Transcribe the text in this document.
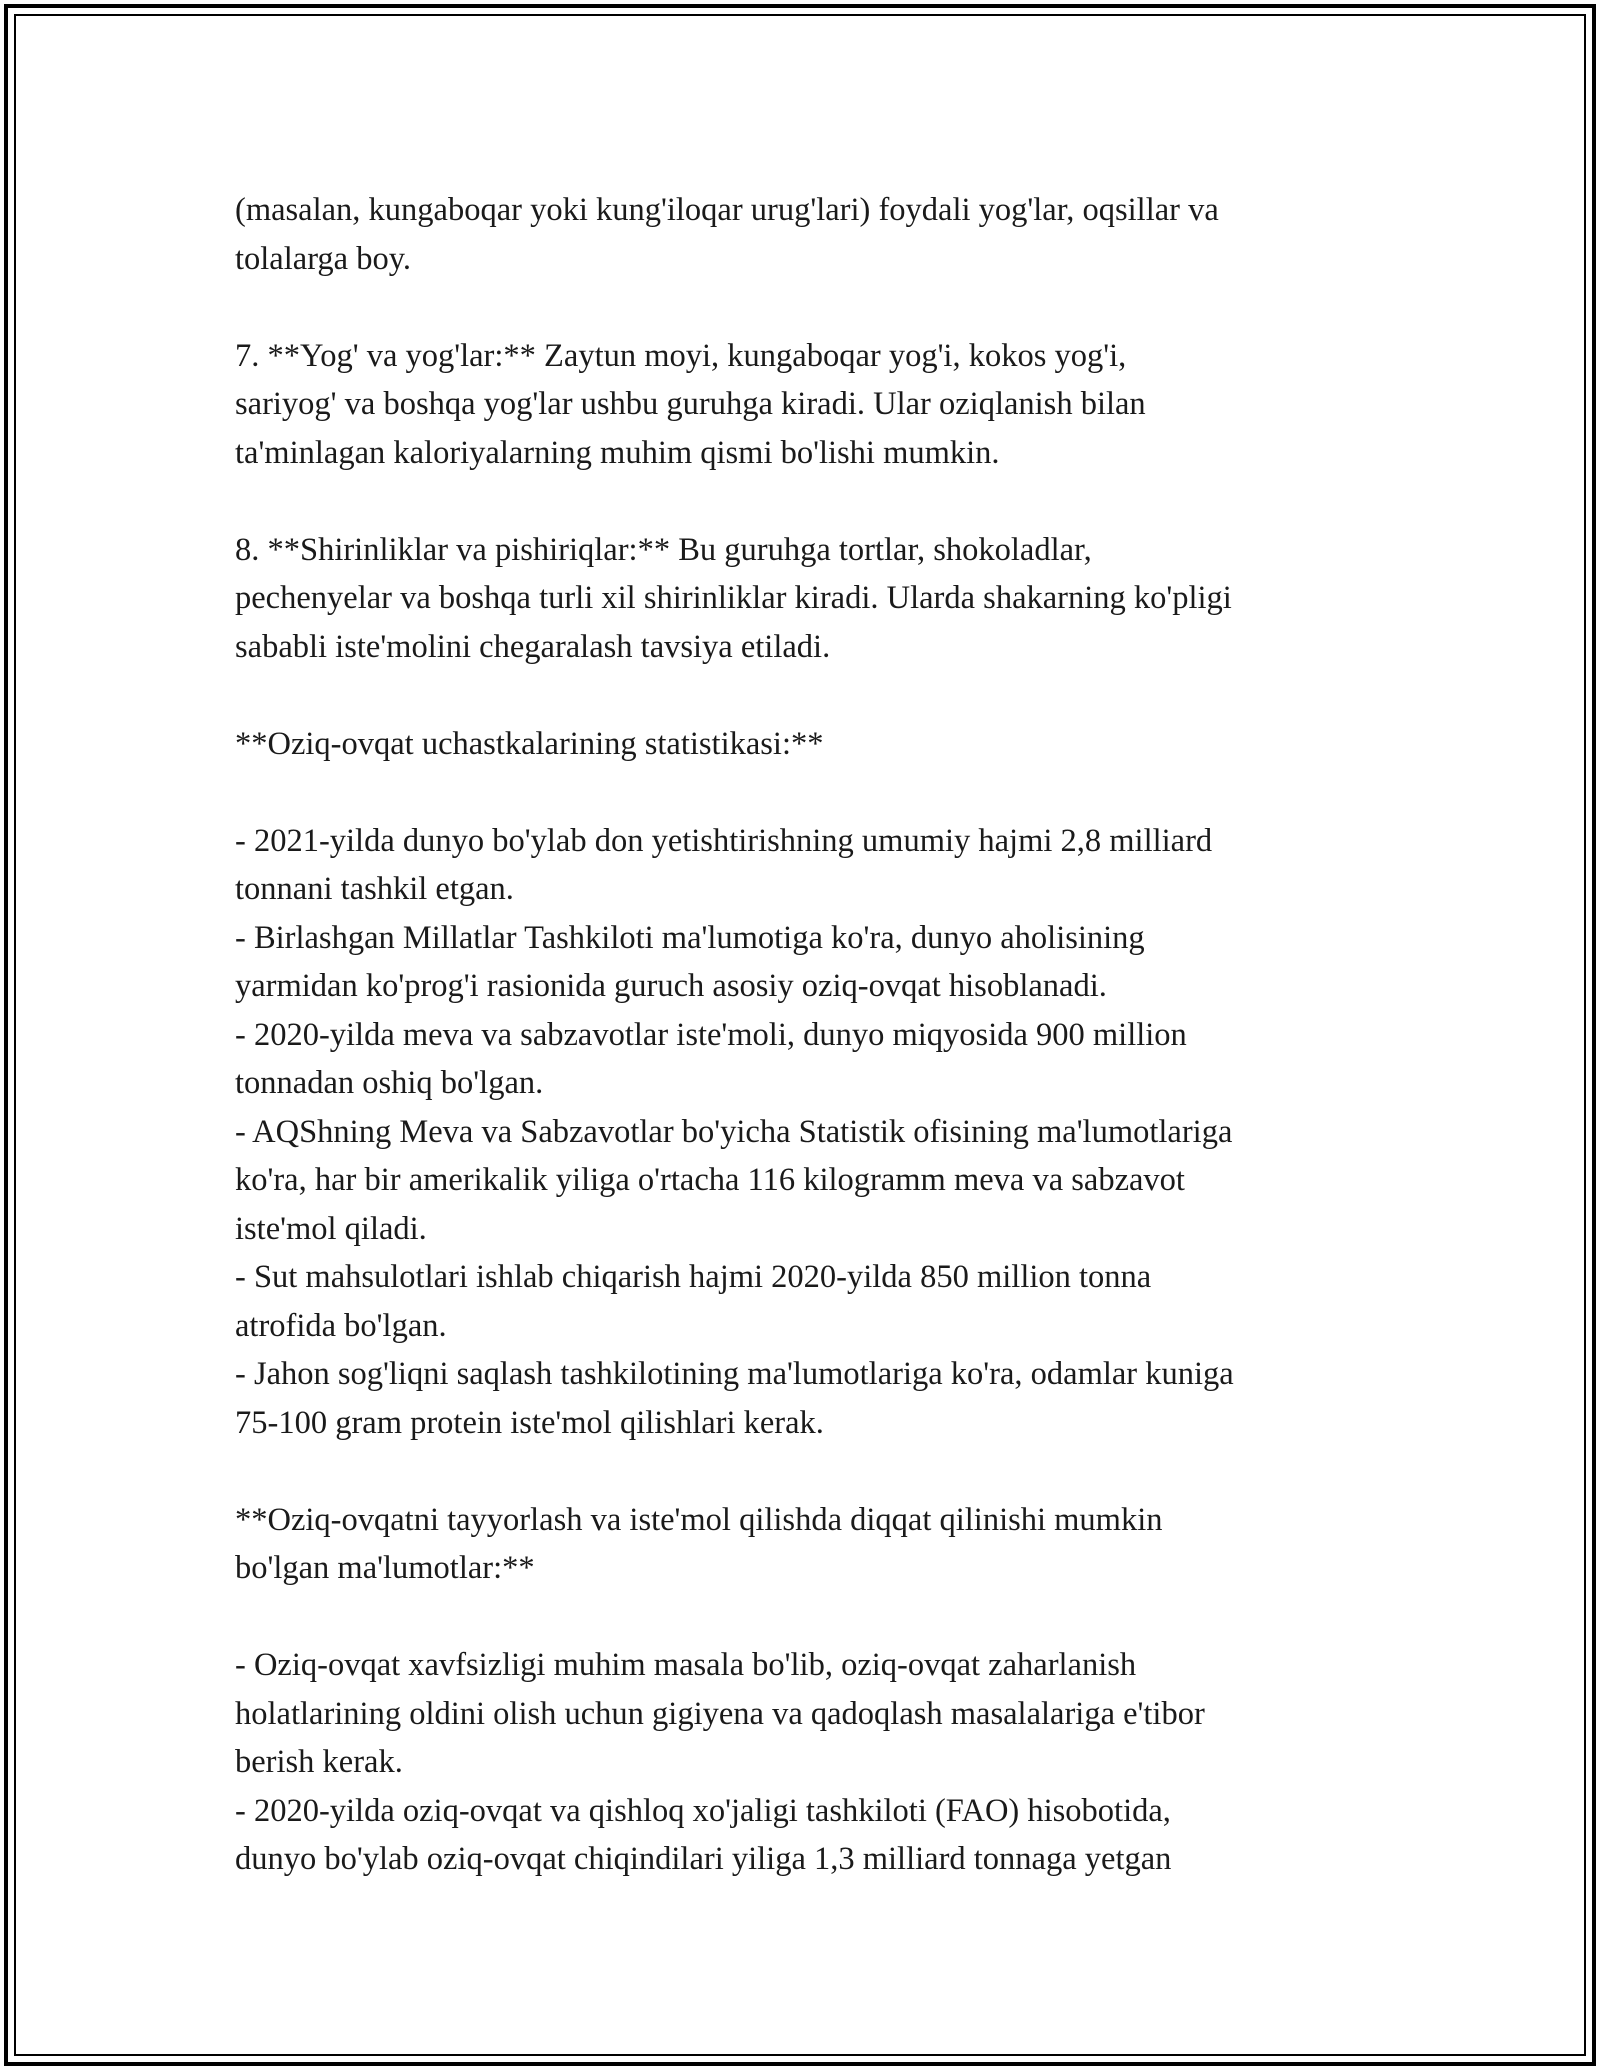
(masalan, kungaboqar yoki kung'iloqar urug'lari) foydali yog'lar, oqsillar va
tolalarga boy.
7. **Yog' va yog'lar:** Zaytun moyi, kungaboqar yog'i, kokos yog'i,
sariyog' va boshqa yog'lar ushbu guruhga kiradi. Ular oziqlanish bilan
ta'minlagan kaloriyalarning muhim qismi bo'lishi mumkin.
8. **Shirinliklar va pishiriqlar:** Bu guruhga tortlar, shokoladlar,
pechenyelar va boshqa turli xil shirinliklar kiradi. Ularda shakarning ko'pligi
sababli iste'molini chegaralash tavsiya etiladi.
**Oziq-ovqat uchastkalarining statistikasi:**
- 2021-yilda dunyo bo'ylab don yetishtirishning umumiy hajmi 2,8 milliard
tonnani tashkil etgan.
- Birlashgan Millatlar Tashkiloti ma'lumotiga ko'ra, dunyo aholisining
yarmidan ko'prog'i rasionida guruch asosiy oziq-ovqat hisoblanadi.
- 2020-yilda meva va sabzavotlar iste'moli, dunyo miqyosida 900 million
tonnadan oshiq bo'lgan.
- AQShning Meva va Sabzavotlar bo'yicha Statistik ofisining ma'lumotlariga
ko'ra, har bir amerikalik yiliga o'rtacha 116 kilogramm meva va sabzavot
iste'mol qiladi.
- Sut mahsulotlari ishlab chiqarish hajmi 2020-yilda 850 million tonna
atrofida bo'lgan.
- Jahon sog'liqni saqlash tashkilotining ma'lumotlariga ko'ra, odamlar kuniga
75-100 gram protein iste'mol qilishlari kerak.
**Oziq-ovqatni tayyorlash va iste'mol qilishda diqqat qilinishi mumkin
bo'lgan ma'lumotlar:**
- Oziq-ovqat xavfsizligi muhim masala bo'lib, oziq-ovqat zaharlanish
holatlarining oldini olish uchun gigiyena va qadoqlash masalalariga e'tibor
berish kerak.
- 2020-yilda oziq-ovqat va qishloq xo'jaligi tashkiloti (FAO) hisobotida,
dunyo bo'ylab oziq-ovqat chiqindilari yiliga 1,3 milliard tonnaga yetgan
